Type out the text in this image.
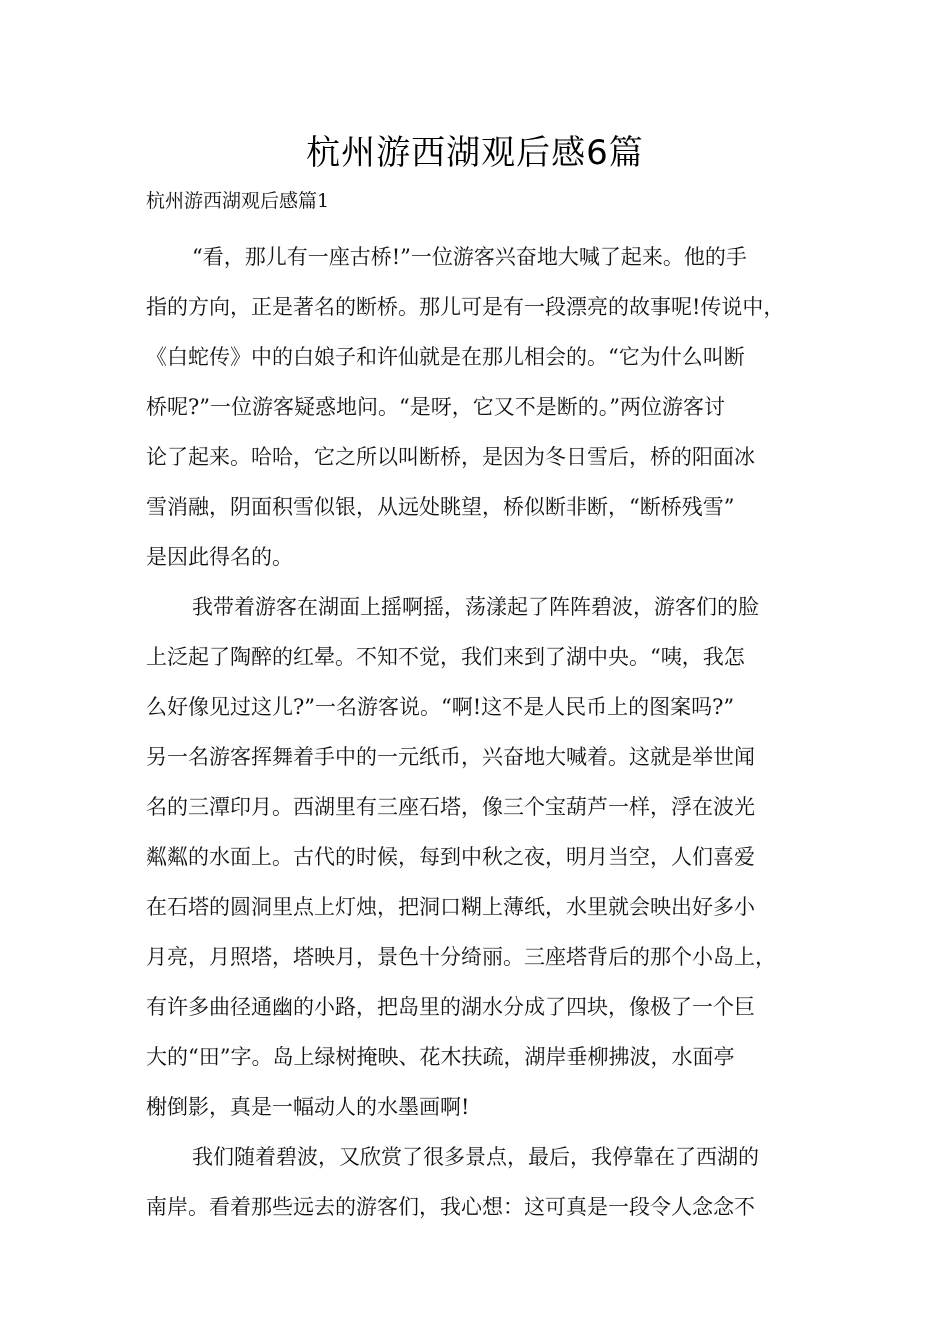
杭州游西湖观后感6篇
杭州游西湖观后感篇1

“看，那儿有一座古桥!”一位游客兴奋地大喊了起来。他的手
指的方向，正是著名的断桥。那儿可是有一段漂亮的故事呢!传说中，
《白蛇传》中的白娘子和许仙就是在那儿相会的。“它为什么叫断
桥呢?”一位游客疑惑地问。“是呀，它又不是断的。”两位游客讨
论了起来。哈哈，它之所以叫断桥，是因为冬日雪后，桥的阳面冰
雪消融，阴面积雪似银，从远处眺望，桥似断非断，“断桥残雪”
是因此得名的。

我带着游客在湖面上摇啊摇，荡漾起了阵阵碧波，游客们的脸
上泛起了陶醉的红晕。不知不觉，我们来到了湖中央。“咦，我怎
么好像见过这儿?”一名游客说。“啊!这不是人民币上的图案吗?”
另一名游客挥舞着手中的一元纸币，兴奋地大喊着。这就是举世闻
名的三潭印月。西湖里有三座石塔，像三个宝葫芦一样，浮在波光
粼粼的水面上。古代的时候，每到中秋之夜，明月当空，人们喜爱
在石塔的圆洞里点上灯烛，把洞口糊上薄纸，水里就会映出好多小
月亮，月照塔，塔映月，景色十分绮丽。三座塔背后的那个小岛上，
有许多曲径通幽的小路，把岛里的湖水分成了四块，像极了一个巨
大的“田”字。岛上绿树掩映、花木扶疏，湖岸垂柳拂波，水面亭
榭倒影，真是一幅动人的水墨画啊!

我们随着碧波，又欣赏了很多景点，最后，我停靠在了西湖的
南岸。看着那些远去的游客们，我心想：这可真是一段令人念念不
